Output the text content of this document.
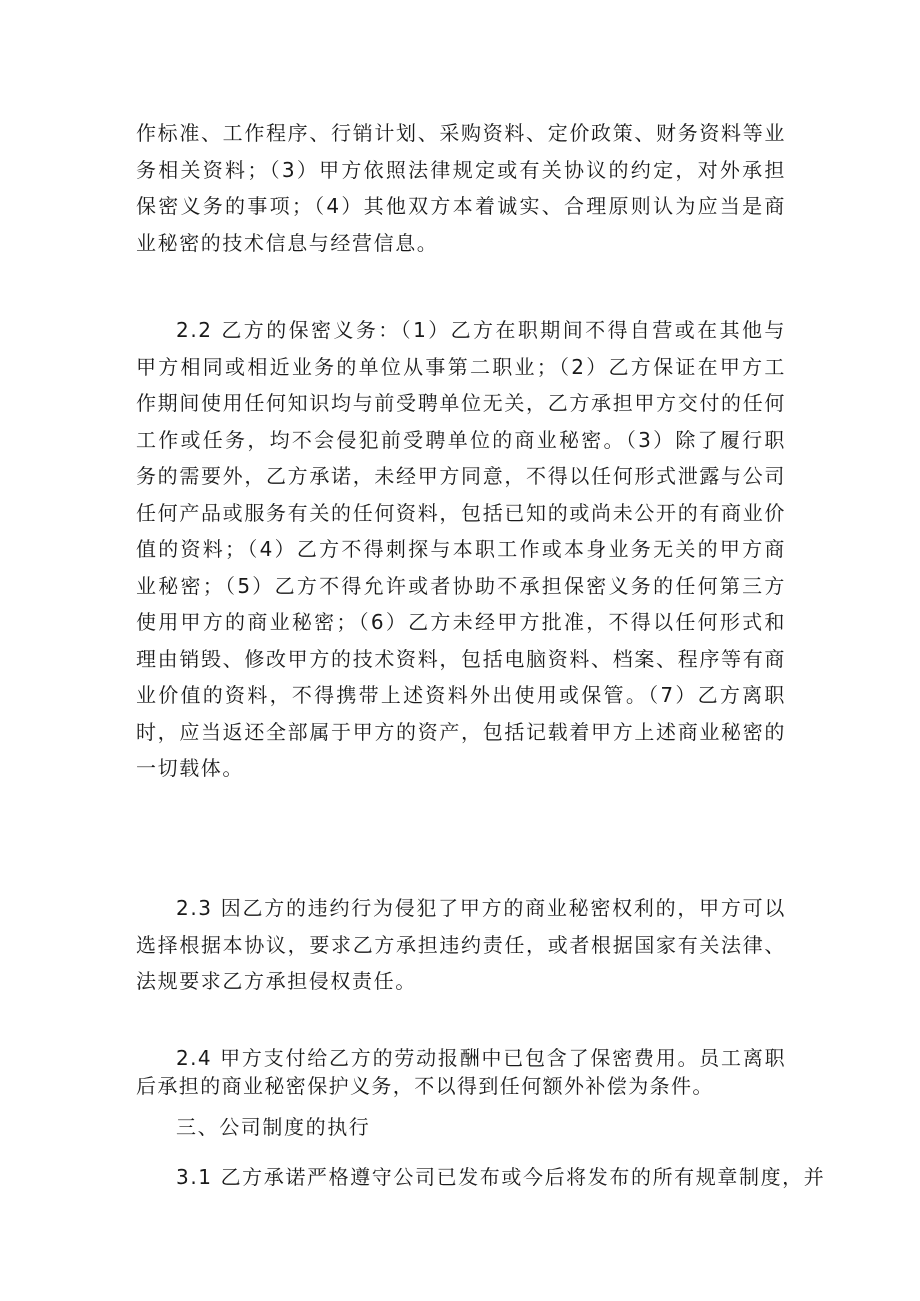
作标准、工作程序、行销计划、采购资料、定价政策、财务资料等业务相关资料；（3）甲方依照法律规定或有关协议的约定，对外承担保密义务的事项；（4）其他双方本着诚实、合理原则认为应当是商业秘密的技术信息与经营信息。

2.2 乙方的保密义务：（1）乙方在职期间不得自营或在其他与甲方相同或相近业务的单位从事第二职业；（2）乙方保证在甲方工作期间使用任何知识均与前受聘单位无关，乙方承担甲方交付的任何工作或任务，均不会侵犯前受聘单位的商业秘密。（3）除了履行职务的需要外，乙方承诺，未经甲方同意，不得以任何形式泄露与公司任何产品或服务有关的任何资料，包括已知的或尚未公开的有商业价值的资料；（4）乙方不得刺探与本职工作或本身业务无关的甲方商业秘密；（5）乙方不得允许或者协助不承担保密义务的任何第三方使用甲方的商业秘密；（6）乙方未经甲方批准，不得以任何形式和理由销毁、修改甲方的技术资料，包括电脑资料、档案、程序等有商业价值的资料，不得携带上述资料外出使用或保管。（7）乙方离职时，应当返还全部属于甲方的资产，包括记载着甲方上述商业秘密的一切载体。

2.3 因乙方的违约行为侵犯了甲方的商业秘密权利的，甲方可以选择根据本协议，要求乙方承担违约责任，或者根据国家有关法律、法规要求乙方承担侵权责任。

2.4 甲方支付给乙方的劳动报酬中已包含了保密费用。员工离职后承担的商业秘密保护义务，不以得到任何额外补偿为条件。

三、公司制度的执行

3.1 乙方承诺严格遵守公司已发布或今后将发布的所有规章制度，并
